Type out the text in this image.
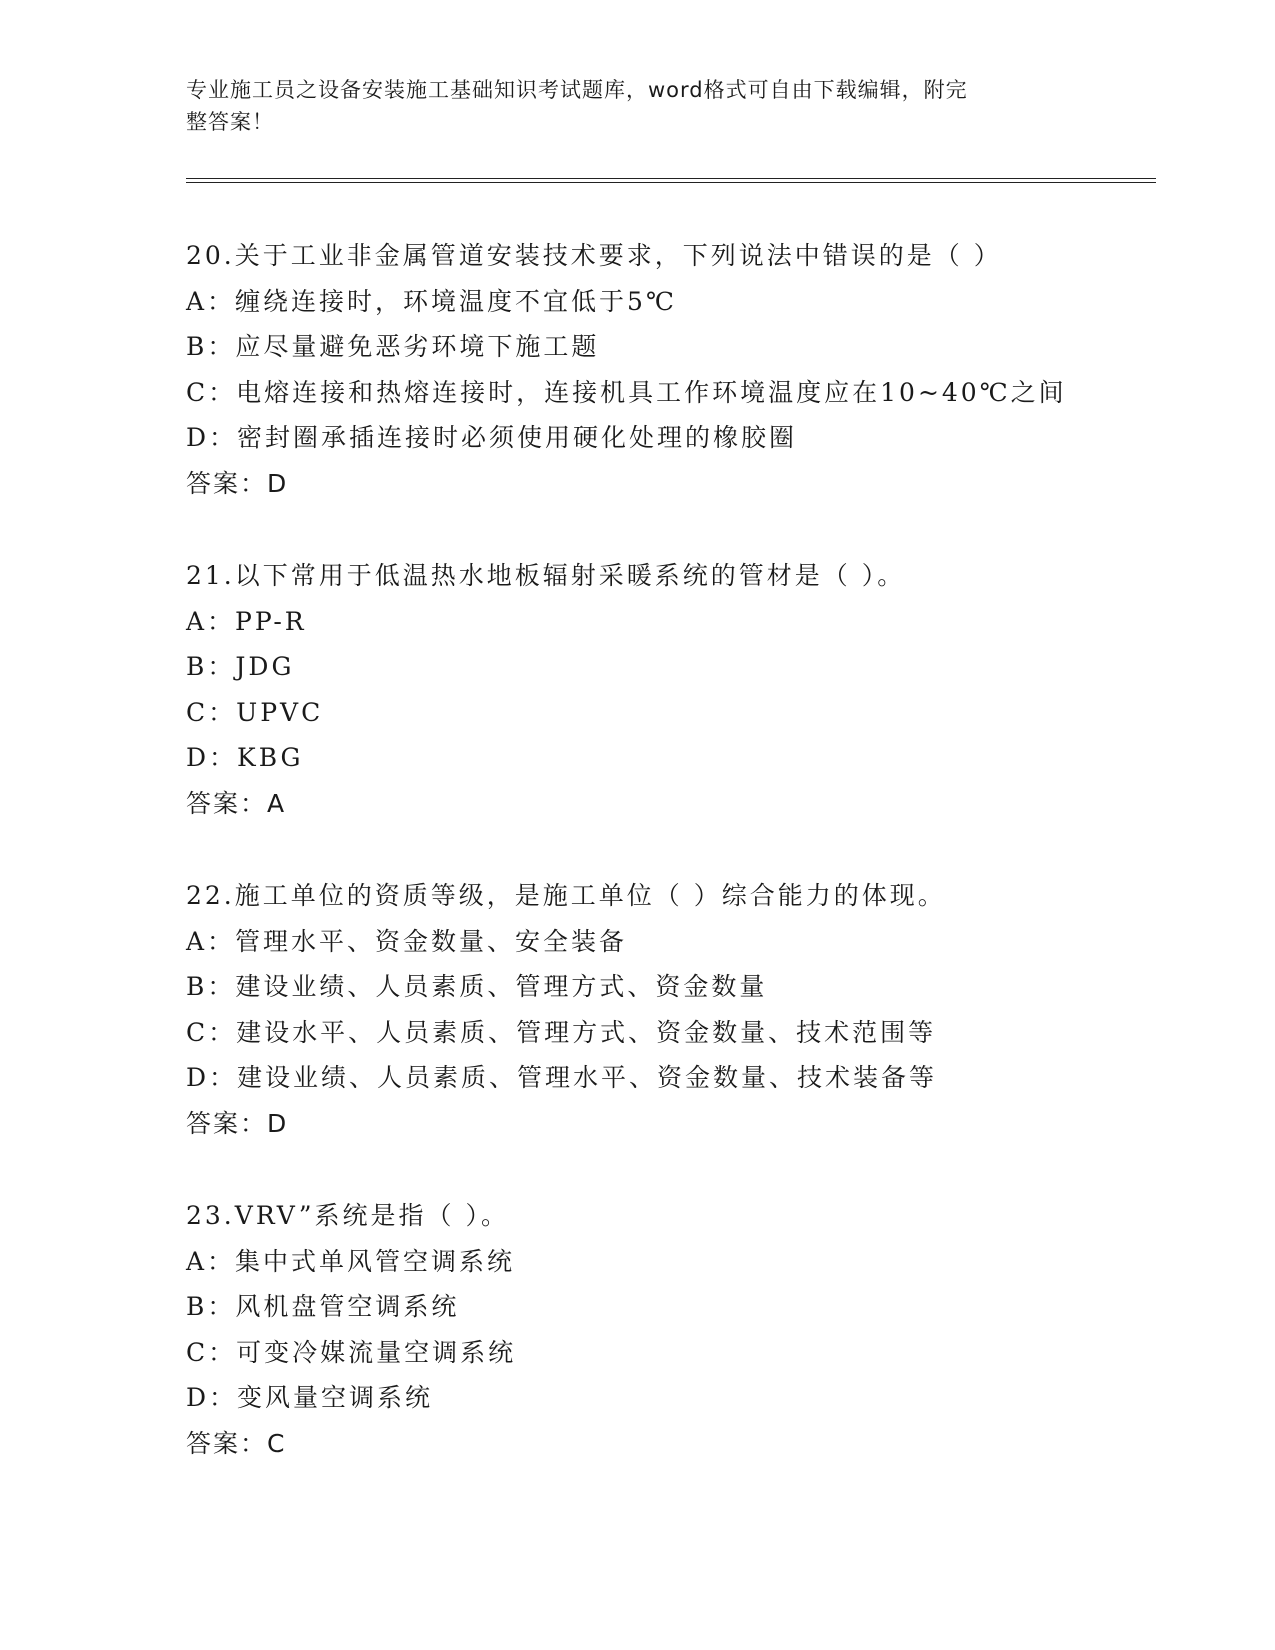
专业施工员之设备安装施工基础知识考试题库，word格式可自由下载编辑，附完
整答案！
20.关于工业非金属管道安装技术要求，下列说法中错误的是（ ）
A：缠绕连接时，环境温度不宜低于5℃
B：应尽量避免恶劣环境下施工题
C：电熔连接和热熔连接时，连接机具工作环境温度应在10~40℃之间
D：密封圈承插连接时必须使用硬化处理的橡胶圈
答案：D
21.以下常用于低温热水地板辐射采暖系统的管材是（ ）。
A：PP-R
B：JDG
C：UPVC
D：KBG
答案：A
22.施工单位的资质等级，是施工单位（ ）综合能力的体现。
A：管理水平、资金数量、安全装备
B：建设业绩、人员素质、管理方式、资金数量
C：建设水平、人员素质、管理方式、资金数量、技术范围等
D：建设业绩、人员素质、管理水平、资金数量、技术装备等
答案：D
23.VRV”系统是指（ ）。
A：集中式单风管空调系统
B：风机盘管空调系统
C：可变冷媒流量空调系统
D：变风量空调系统
答案：C
